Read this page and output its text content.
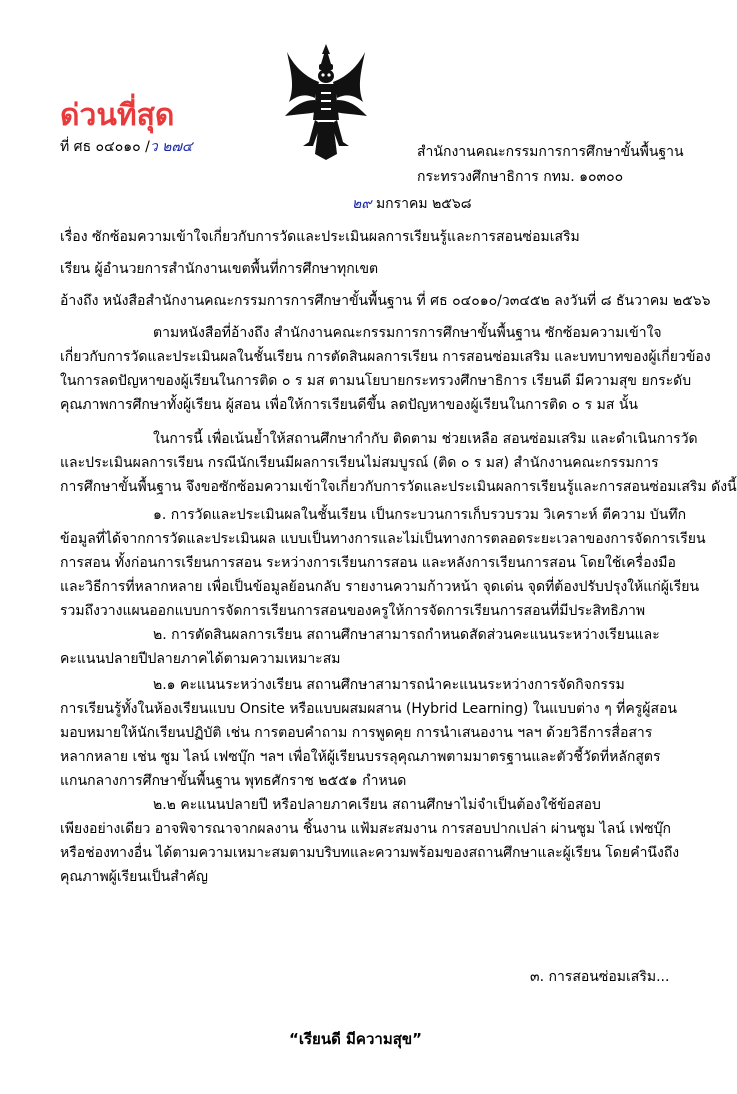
ด่วนที่สุด
ที่ ศธ ๐๔๐๑๐ /ว ๒๗๔	สำนักงานคณะกรรมการการศึกษาขั้นพื้นฐาน
กระทรวงศึกษาธิการ กทม. ๑๐๓๐๐
๒๙ มกราคม ๒๕๖๘
เรื่อง ซักซ้อมความเข้าใจเกี่ยวกับการวัดและประเมินผลการเรียนรู้และการสอนซ่อมเสริม
เรียน ผู้อำนวยการสำนักงานเขตพื้นที่การศึกษาทุกเขต
อ้างถึง หนังสือสำนักงานคณะกรรมการการศึกษาขั้นพื้นฐาน ที่ ศธ ๐๔๐๑๐/ว๓๔๕๒ ลงวันที่ ๘ ธันวาคม ๒๕๖๖
ตามหนังสือที่อ้างถึง สำนักงานคณะกรรมการการศึกษาขั้นพื้นฐาน ซักซ้อมความเข้าใจ
เกี่ยวกับการวัดและประเมินผลในชั้นเรียน การตัดสินผลการเรียน การสอนซ่อมเสริม และบทบาทของผู้เกี่ยวข้อง
ในการลดปัญหาของผู้เรียนในการติด ๐ ร มส ตามนโยบายกระทรวงศึกษาธิการ เรียนดี มีความสุข ยกระดับ
คุณภาพการศึกษาทั้งผู้เรียน ผู้สอน เพื่อให้การเรียนดีขึ้น ลดปัญหาของผู้เรียนในการติด ๐ ร มส นั้น
ในการนี้ เพื่อเน้นย้ำให้สถานศึกษากำกับ ติดตาม ช่วยเหลือ สอนซ่อมเสริม และดำเนินการวัด
และประเมินผลการเรียน กรณีนักเรียนมีผลการเรียนไม่สมบูรณ์ (ติด ๐ ร มส) สำนักงานคณะกรรมการ
การศึกษาขั้นพื้นฐาน จึงขอซักซ้อมความเข้าใจเกี่ยวกับการวัดและประเมินผลการเรียนรู้และการสอนซ่อมเสริม ดังนี้
๑. การวัดและประเมินผลในชั้นเรียน เป็นกระบวนการเก็บรวบรวม วิเคราะห์ ตีความ บันทึก
ข้อมูลที่ได้จากการวัดและประเมินผล แบบเป็นทางการและไม่เป็นทางการตลอดระยะเวลาของการจัดการเรียน
การสอน ทั้งก่อนการเรียนการสอน ระหว่างการเรียนการสอน และหลังการเรียนการสอน โดยใช้เครื่องมือ
และวิธีการที่หลากหลาย เพื่อเป็นข้อมูลย้อนกลับ รายงานความก้าวหน้า จุดเด่น จุดที่ต้องปรับปรุงให้แก่ผู้เรียน
รวมถึงวางแผนออกแบบการจัดการเรียนการสอนของครูให้การจัดการเรียนการสอนที่มีประสิทธิภาพ
๒. การตัดสินผลการเรียน สถานศึกษาสามารถกำหนดสัดส่วนคะแนนระหว่างเรียนและ
คะแนนปลายปีปลายภาคได้ตามความเหมาะสม
๒.๑ คะแนนระหว่างเรียน สถานศึกษาสามารถนำคะแนนระหว่างการจัดกิจกรรม
การเรียนรู้ทั้งในห้องเรียนแบบ Onsite หรือแบบผสมผสาน (Hybrid Learning) ในแบบต่าง ๆ ที่ครูผู้สอน
มอบหมายให้นักเรียนปฏิบัติ เช่น การตอบคำถาม การพูดคุย การนำเสนองาน ฯลฯ ด้วยวิธีการสื่อสาร
หลากหลาย เช่น ซูม ไลน์ เฟซบุ๊ก ฯลฯ เพื่อให้ผู้เรียนบรรลุคุณภาพตามมาตรฐานและตัวชี้วัดที่หลักสูตร
แกนกลางการศึกษาขั้นพื้นฐาน พุทธศักราช ๒๕๕๑ กำหนด
๒.๒ คะแนนปลายปี หรือปลายภาคเรียน สถานศึกษาไม่จำเป็นต้องใช้ข้อสอบ
เพียงอย่างเดียว อาจพิจารณาจากผลงาน ชิ้นงาน แฟ้มสะสมงาน การสอบปากเปล่า ผ่านซูม ไลน์ เฟซบุ๊ก
หรือช่องทางอื่น ได้ตามความเหมาะสมตามบริบทและความพร้อมของสถานศึกษาและผู้เรียน โดยคำนึงถึง
คุณภาพผู้เรียนเป็นสำคัญ
๓. การสอนซ่อมเสริม...
“เรียนดี มีความสุข”
